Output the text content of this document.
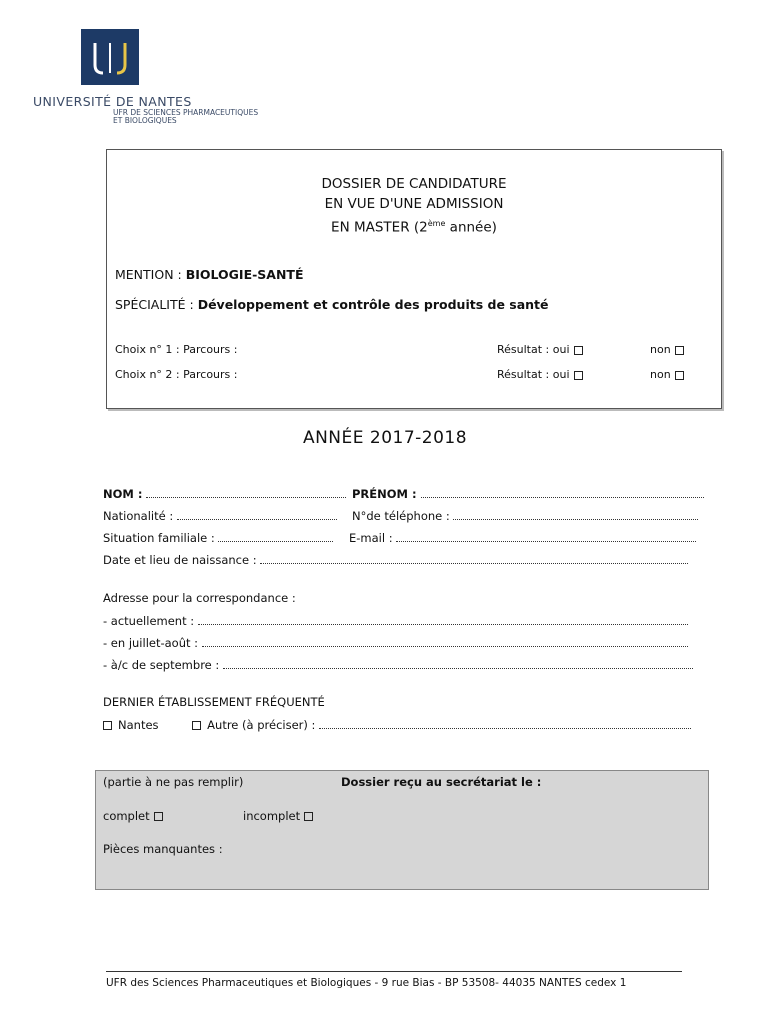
UNIVERSITÉ DE NANTES
UFR DE SCIENCES PHARMACEUTIQUES
ET BIOLOGIQUES
DOSSIER DE CANDIDATURE
EN VUE D'UNE ADMISSION
EN MASTER (2ème année)
MENTION : BIOLOGIE-SANTÉ
SPÉCIALITÉ : Développement et contrôle des produits de santé
Choix n° 1 : Parcours :	Résultat : oui	non
Choix n° 2 : Parcours :	Résultat : oui	non
ANNÉE 2017-2018
NOM :	PRÉNOM :
Nationalité :	N°de téléphone :
Situation familiale :	E-mail :
Date et lieu de naissance :
Adresse pour la correspondance :
- actuellement :
- en juillet-août :
- à/c de septembre :
DERNIER ÉTABLISSEMENT FRÉQUENTÉ
Nantes	Autre (à préciser) :
(partie à ne pas remplir)	Dossier reçu au secrétariat le :
complet	incomplet
Pièces manquantes :
UFR des Sciences Pharmaceutiques et Biologiques - 9 rue Bias - BP 53508- 44035 NANTES cedex 1
